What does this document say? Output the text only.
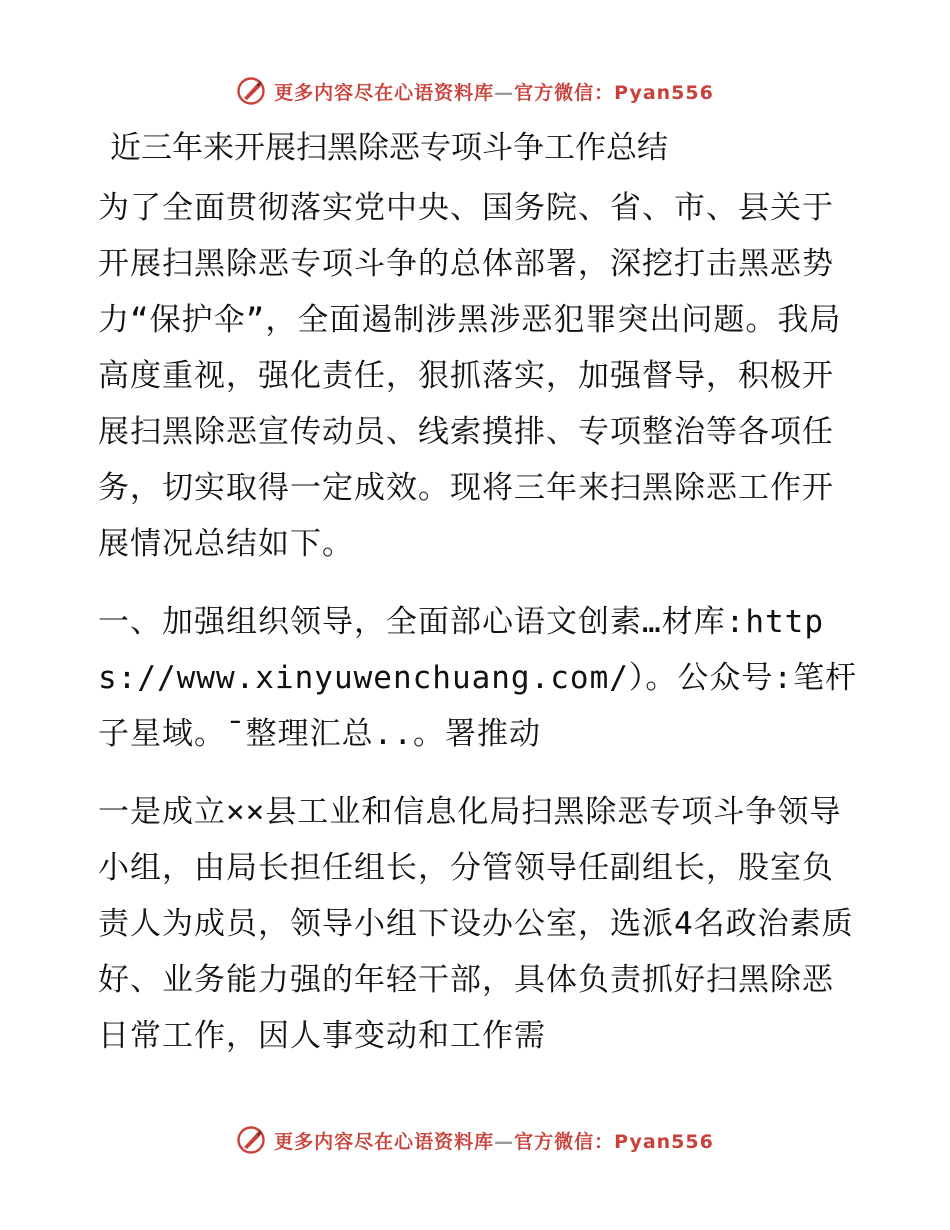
更多内容尽在心语资料库—官方微信：Pyan556
近三年来开展扫黑除恶专项斗争工作总结

为了全面贯彻落实党中央、国务院、省、市、县关于开展扫黑除恶专项斗争的总体部署，深挖打击黑恶势力“保护伞”，全面遏制涉黑涉恶犯罪突出问题。我局高度重视，强化责任，狠抓落实，加强督导，积极开展扫黑除恶宣传动员、线索摸排、专项整治等各项任务，切实取得一定成效。现将三年来扫黑除恶工作开展情况总结如下。

一、加强组织领导，全面部心语文创素…材库:https://www.xinyuwenchuang.com/）。公众号:笔杆子星域。¯整理汇总..。署推动

一是成立××县工业和信息化局扫黑除恶专项斗争领导小组，由局长担任组长，分管领导任副组长，股室负责人为成员，领导小组下设办公室，选派4名政治素质好、业务能力强的年轻干部，具体负责抓好扫黑除恶日常工作，因人事变动和工作需

更多内容尽在心语资料库—官方微信：Pyan556
